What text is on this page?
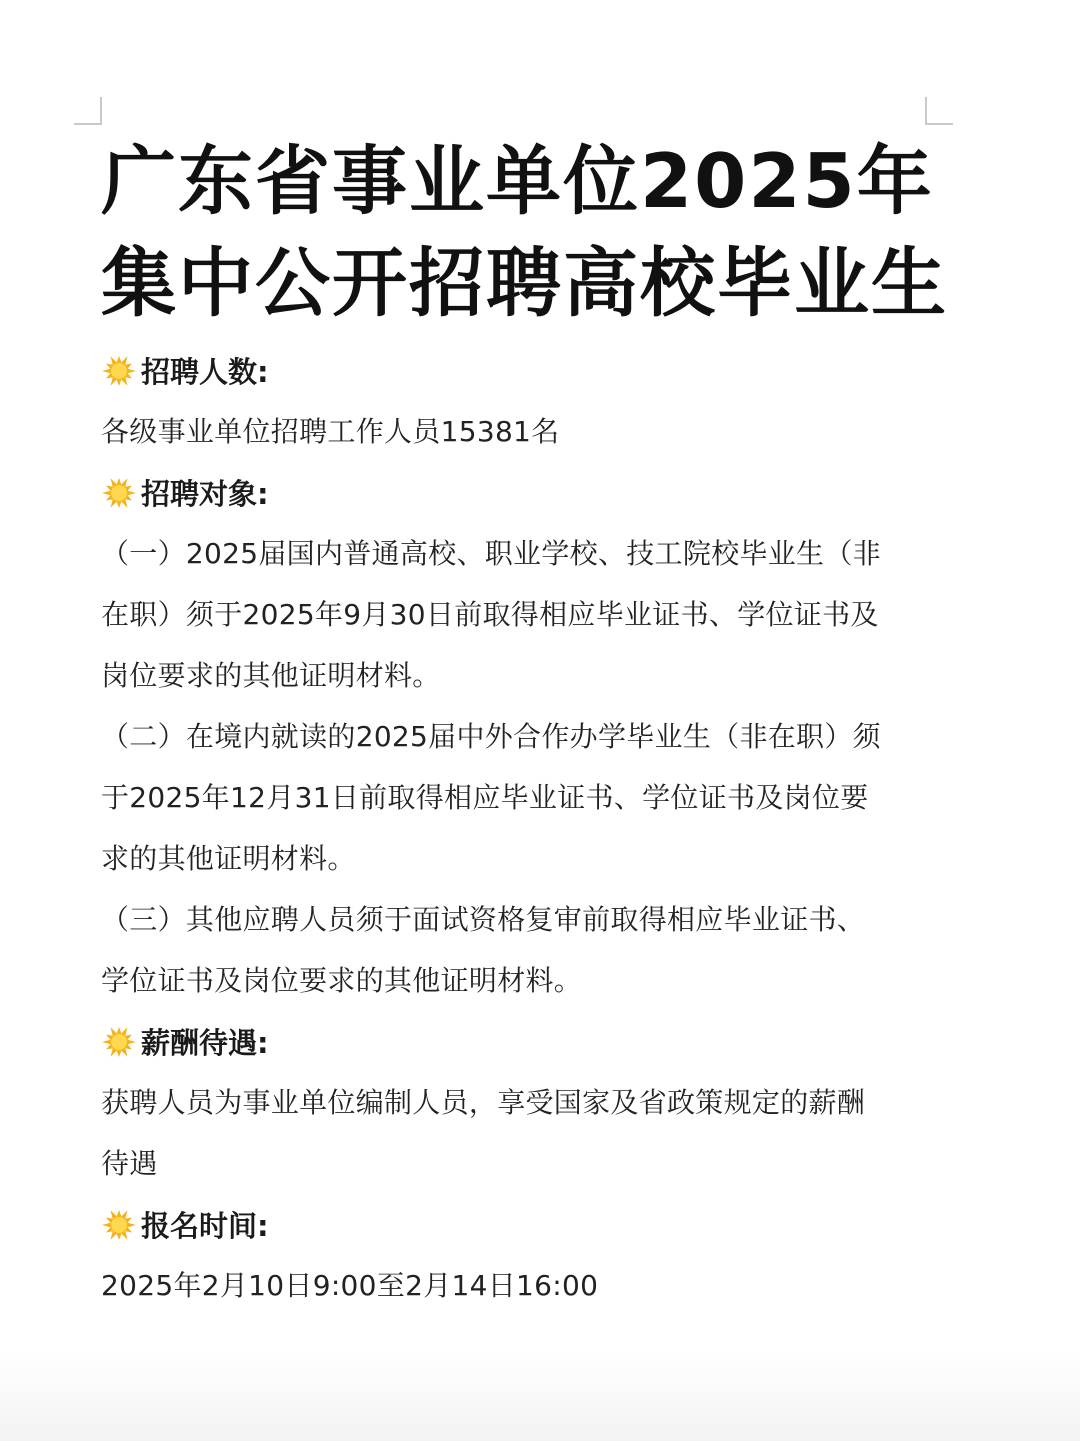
广东省事业单位2025年
集中公开招聘高校毕业生
招聘人数:
各级事业单位招聘工作人员15381名
招聘对象:
（一）2025届国内普通高校、职业学校、技工院校毕业生（非
在职）须于2025年9月30日前取得相应毕业证书、学位证书及
岗位要求的其他证明材料。
（二）在境内就读的2025届中外合作办学毕业生（非在职）须
于2025年12月31日前取得相应毕业证书、学位证书及岗位要
求的其他证明材料。
（三）其他应聘人员须于面试资格复审前取得相应毕业证书、
学位证书及岗位要求的其他证明材料。
薪酬待遇:
获聘人员为事业单位编制人员，享受国家及省政策规定的薪酬
待遇
报名时间:
2025年2月10日9:00至2月14日16:00
